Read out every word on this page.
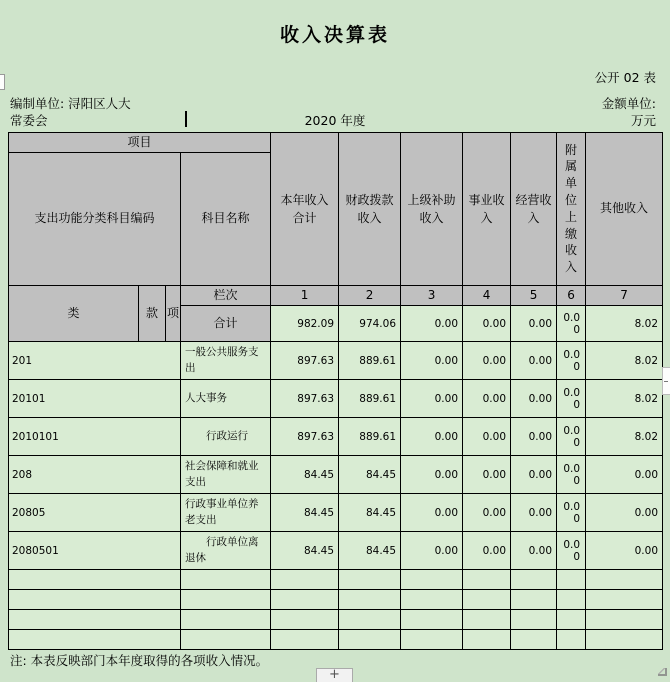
收入决算表
公开 02 表
编制单位: 浔阳区人大
常委会
金额单位:
2020 年度	万元
项目				本年收入合计	财政拨款收入	上级补助收入	事业收入	经营收入	附属单位上缴收入	其他收入
支出功能分类科目编码			科目名称							
类	款	项	栏次	1	2	3	4	5	6	7
			合计	982.09	974.06	0.00	0.00	0.00	0.00	8.02
201			一般公共服务支出	897.63	889.61	0.00	0.00	0.00	0.00	8.02
20101			人大事务	897.63	889.61	0.00	0.00	0.00	0.00	8.02
2010101			行政运行	897.63	889.61	0.00	0.00	0.00	0.00	8.02
208			社会保障和就业支出	84.45	84.45	0.00	0.00	0.00	0.00	0.00
20805			行政事业单位养老支出	84.45	84.45	0.00	0.00	0.00	0.00	0.00
2080501			行政单位离退休	84.45	84.45	0.00	0.00	0.00	0.00	0.00

注: 本表反映部门本年度取得的各项收入情况。
+
